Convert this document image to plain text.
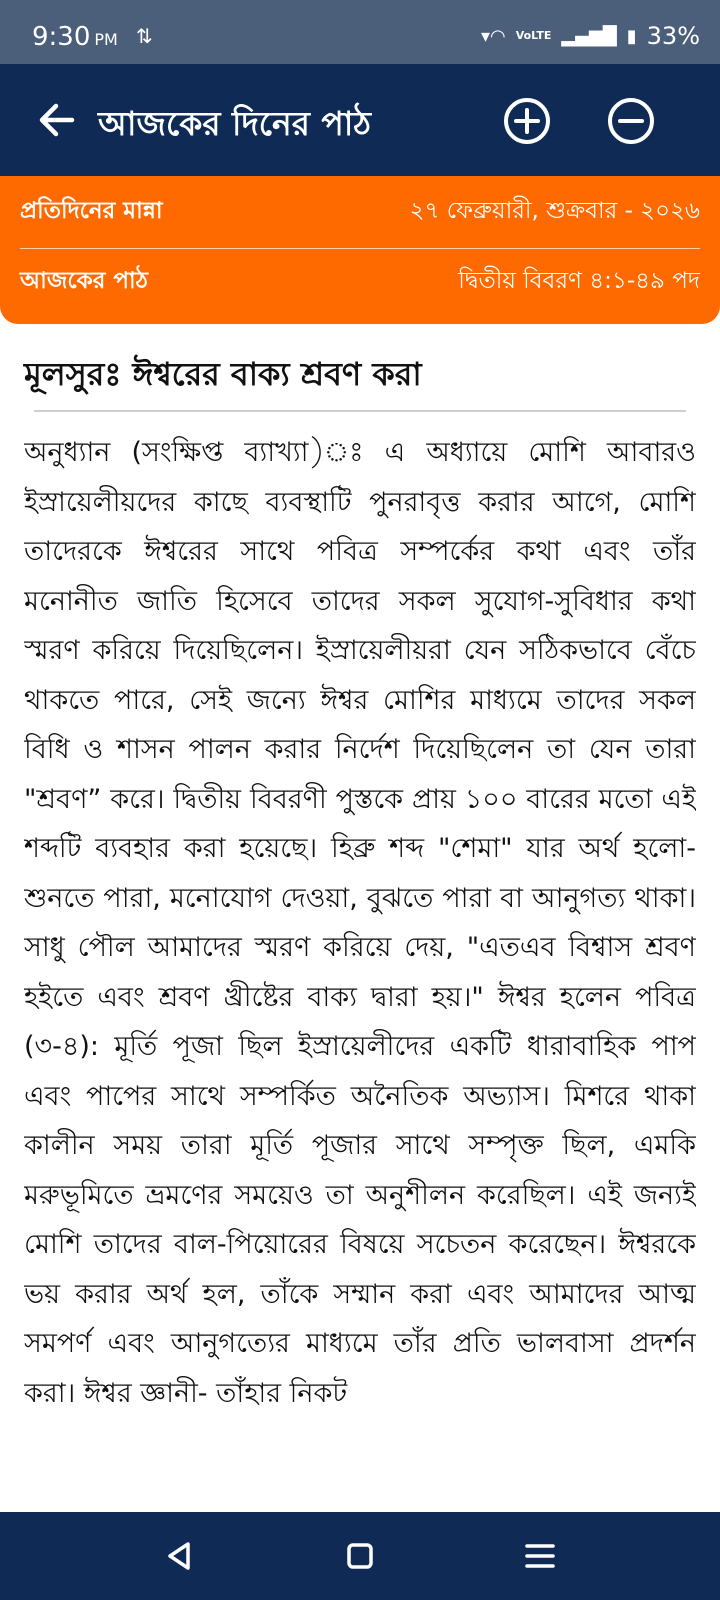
9:30 PM ⇅	▾◠ VoLTE ▂▄▆█ ▮ 33%
আজকের দিনের পাঠ
প্রতিদিনের মান্না	২৭ ফেব্রুয়ারী, শুক্রবার - ২০২৬
আজকের পাঠ	দ্বিতীয় বিবরণ ৪:১-৪৯ পদ
মূলসুরঃ ঈশ্বরের বাক্য শ্রবণ করা
অনুধ্যান (সংক্ষিপ্ত ব্যাখ্যা)ঃ এ অধ্যায়ে মোশি আবারও ইস্রায়েলীয়দের কাছে ব্যবস্থাটি পুনরাবৃত্ত করার আগে, মোশি তাদেরকে ঈশ্বরের সাথে পবিত্র সম্পর্কের কথা এবং তাঁর মনোনীত জাতি হিসেবে তাদের সকল সুযোগ-সুবিধার কথা স্মরণ করিয়ে দিয়েছিলেন। ইস্রায়েলীয়রা যেন সঠিকভাবে বেঁচে থাকতে পারে, সেই জন্যে ঈশ্বর মোশির মাধ্যমে তাদের সকল বিধি ও শাসন পালন করার নির্দেশ দিয়েছিলেন তা যেন তারা "শ্রবণ” করে। দ্বিতীয় বিবরণী পুস্তকে প্রায় ১০০ বারের মতো এই শব্দটি ব্যবহার করা হয়েছে। হিব্রু শব্দ "শেমা" যার অর্থ হলো-শুনতে পারা, মনোযোগ দেওয়া, বুঝতে পারা বা আনুগত্য থাকা। সাধু পৌল আমাদের স্মরণ করিয়ে দেয়, "এতএব বিশ্বাস শ্রবণ হইতে এবং শ্রবণ খ্রীষ্টের বাক্য দ্বারা হয়।" ঈশ্বর হলেন পবিত্র (৩-৪): মূর্তি পূজা ছিল ইস্রায়েলীদের একটি ধারাবাহিক পাপ এবং পাপের সাথে সম্পর্কিত অনৈতিক অভ্যাস। মিশরে থাকা কালীন সময় তারা মূর্তি পূজার সাথে সম্পৃক্ত ছিল, এমকি মরুভূমিতে ভ্রমণের সময়েও তা অনুশীলন করেছিল। এই জন্যই মোশি তাদের বাল-পিয়োরের বিষয়ে সচেতন করেছেন। ঈশ্বরকে ভয় করার অর্থ হল, তাঁকে সম্মান করা এবং আমাদের আত্ম সমপর্ণ এবং আনুগত্যের মাধ্যমে তাঁর প্রতি ভালবাসা প্রদর্শন করা। ঈশ্বর জ্ঞানী- তাঁহার নিকট
